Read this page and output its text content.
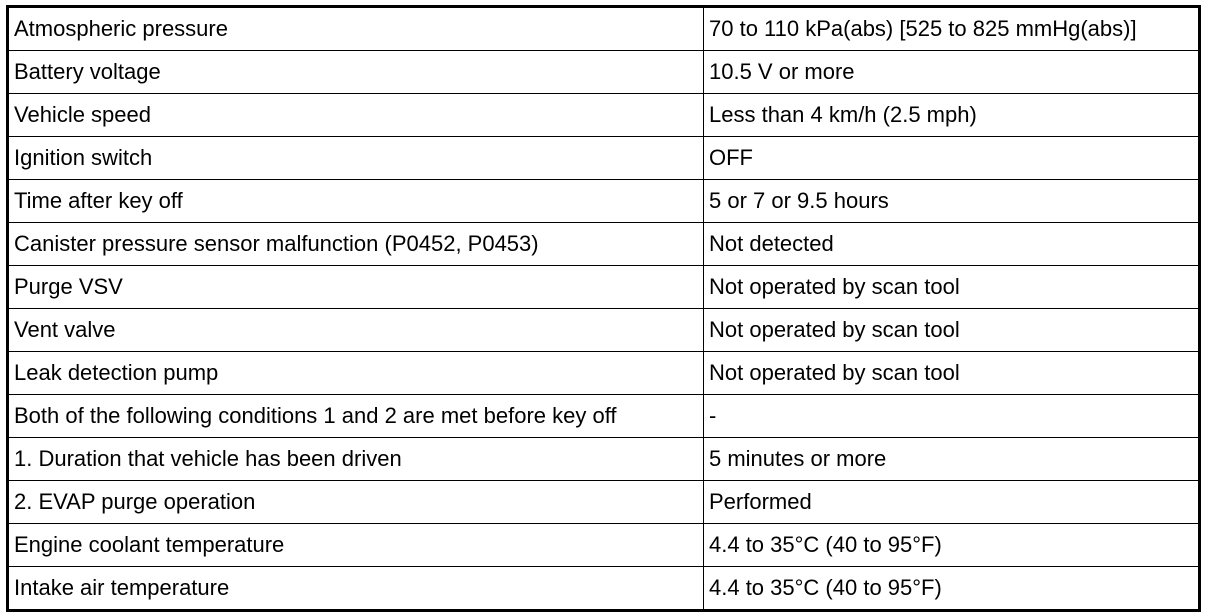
Atmospheric pressure	70 to 110 kPa(abs) [525 to 825 mmHg(abs)]
Battery voltage	10.5 V or more
Vehicle speed	Less than 4 km/h (2.5 mph)
Ignition switch	OFF
Time after key off	5 or 7 or 9.5 hours
Canister pressure sensor malfunction (P0452, P0453)	Not detected
Purge VSV	Not operated by scan tool
Vent valve	Not operated by scan tool
Leak detection pump	Not operated by scan tool
Both of the following conditions 1 and 2 are met before key off	-
1. Duration that vehicle has been driven	5 minutes or more
2. EVAP purge operation	Performed
Engine coolant temperature	4.4 to 35°C (40 to 95°F)
Intake air temperature	4.4 to 35°C (40 to 95°F)
